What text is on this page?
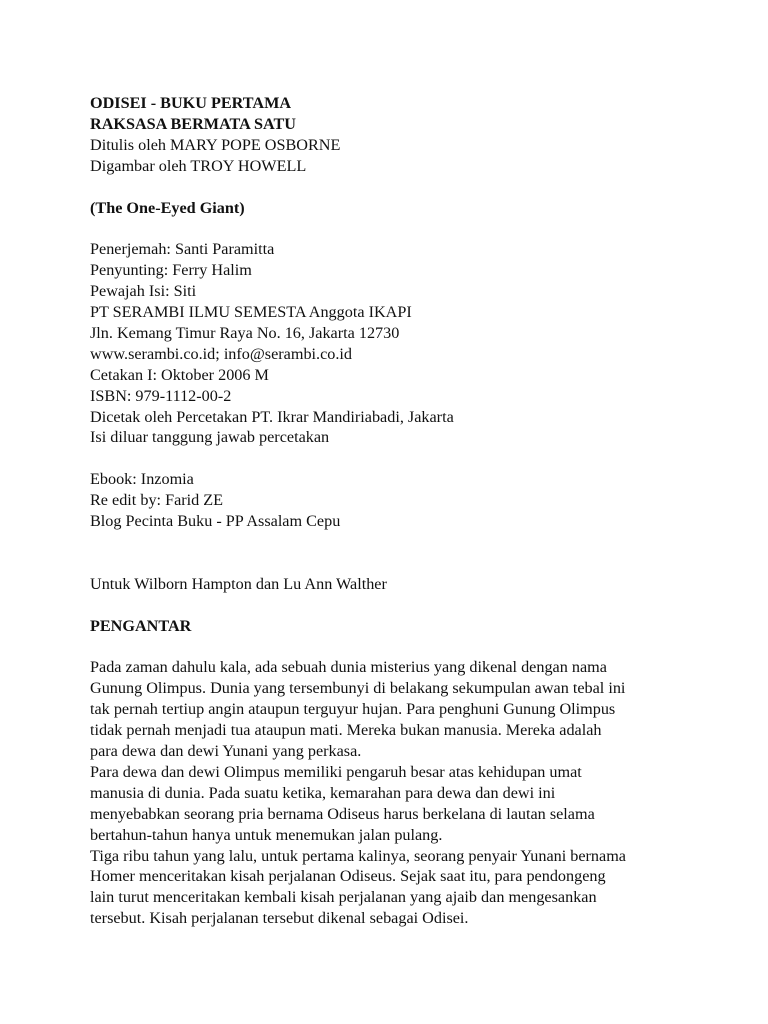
ODISEI - BUKU PERTAMA
RAKSASA BERMATA SATU
Ditulis oleh MARY POPE OSBORNE
Digambar oleh TROY HOWELL
(The One-Eyed Giant)
Penerjemah: Santi Paramitta
Penyunting: Ferry Halim
Pewajah Isi: Siti
PT SERAMBI ILMU SEMESTA Anggota IKAPI
Jln. Kemang Timur Raya No. 16, Jakarta 12730
www.serambi.co.id; info@serambi.co.id
Cetakan I: Oktober 2006 M
ISBN: 979-1112-00-2
Dicetak oleh Percetakan PT. Ikrar Mandiriabadi, Jakarta
Isi diluar tanggung jawab percetakan
Ebook: Inzomia
Re edit by: Farid ZE
Blog Pecinta Buku - PP Assalam Cepu
Untuk Wilborn Hampton dan Lu Ann Walther
PENGANTAR
Pada zaman dahulu kala, ada sebuah dunia misterius yang dikenal dengan nama
Gunung Olimpus. Dunia yang tersembunyi di belakang sekumpulan awan tebal ini
tak pernah tertiup angin ataupun terguyur hujan. Para penghuni Gunung Olimpus
tidak pernah menjadi tua ataupun mati. Mereka bukan manusia. Mereka adalah
para dewa dan dewi Yunani yang perkasa.
Para dewa dan dewi Olimpus memiliki pengaruh besar atas kehidupan umat
manusia di dunia. Pada suatu ketika, kemarahan para dewa dan dewi ini
menyebabkan seorang pria bernama Odiseus harus berkelana di lautan selama
bertahun-tahun hanya untuk menemukan jalan pulang.
Tiga ribu tahun yang lalu, untuk pertama kalinya, seorang penyair Yunani bernama
Homer menceritakan kisah perjalanan Odiseus. Sejak saat itu, para pendongeng
lain turut menceritakan kembali kisah perjalanan yang ajaib dan mengesankan
tersebut. Kisah perjalanan tersebut dikenal sebagai Odisei.
